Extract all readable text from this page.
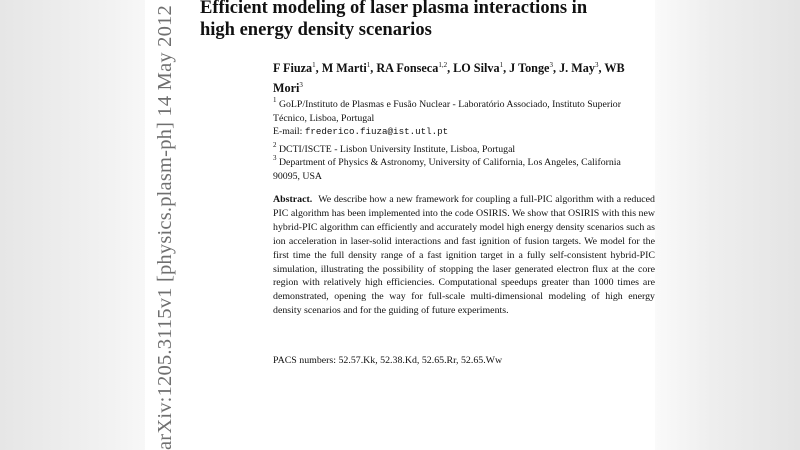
arXiv:1205.3115v1 [physics.plasm-ph] 14 May 2012 Efficient modeling of laser plasma interactions in
high energy density scenarios
F Fiuza$^1$, M Marti$^1$, RA Fonseca$^{1,2}$, LO Silva$^1$, J Tonge$^3$, J. May$^3$, WB Mori$^3$
$^1$ GoLP/Instituto de Plasmas e Fusão Nuclear - Laboratório Associado, Instituto Superior Técnico, Lisboa, Portugal
E-mail: frederico.fiuza@ist.utl.pt
$^2$ DCTI/ISCTE - Lisbon University Institute, Lisboa, Portugal
$^3$ Department of Physics & Astronomy, University of California, Los Angeles, California 90095, USA
Abstract. We describe how a new framework for coupling a full-PIC algorithm with a reduced PIC algorithm has been implemented into the code OSIRIS. We show that OSIRIS with this new hybrid-PIC algorithm can efficiently and accurately model high energy density scenarios such as ion acceleration in laser-solid interactions and fast ignition of fusion targets. We model for the first time the full density range of a fast ignition target in a fully self-consistent hybrid-PIC simulation, illustrating the possibility of stopping the laser generated electron flux at the core region with relatively high efficiencies. Computational speedups greater than 1000 times are demonstrated, opening the way for full-scale multi-dimensional modeling of high energy density scenarios and for the guiding of future experiments.
PACS numbers: 52.57.Kk, 52.38.Kd, 52.65.Rr, 52.65.Ww
